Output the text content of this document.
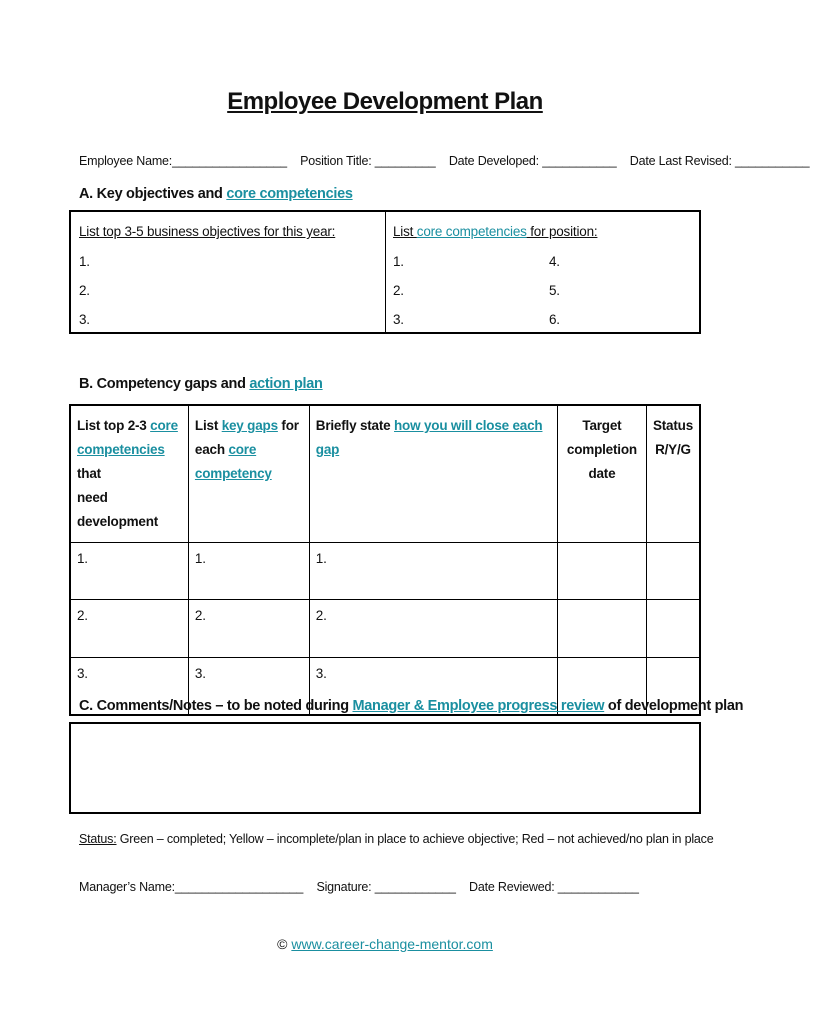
Employee Development Plan
Employee Name:_________________ Position Title: _________ Date Developed: ___________ Date Last Revised: ___________
A. Key objectives and core competencies
List top 3-5 business objectives for this year:
1.
2.
3.
List core competencies for position:
1.
2.
3.
4.
5.
6.
B. Competency gaps and action plan
List top 2-3 core
competencies that
need development	List key gaps for
each core
competency	Briefly state how you will close each gap	Target
completion
date	Status
R/Y/G
1.	1.	1.		
2.	2.	2.		
3.	3.	3.		
C. Comments/Notes – to be noted during Manager & Employee progress review of development plan
Status: Green – completed; Yellow – incomplete/plan in place to achieve objective; Red – not achieved/no plan in place
Manager’s Name:___________________ Signature: ____________ Date Reviewed: ____________
© www.career-change-mentor.com
